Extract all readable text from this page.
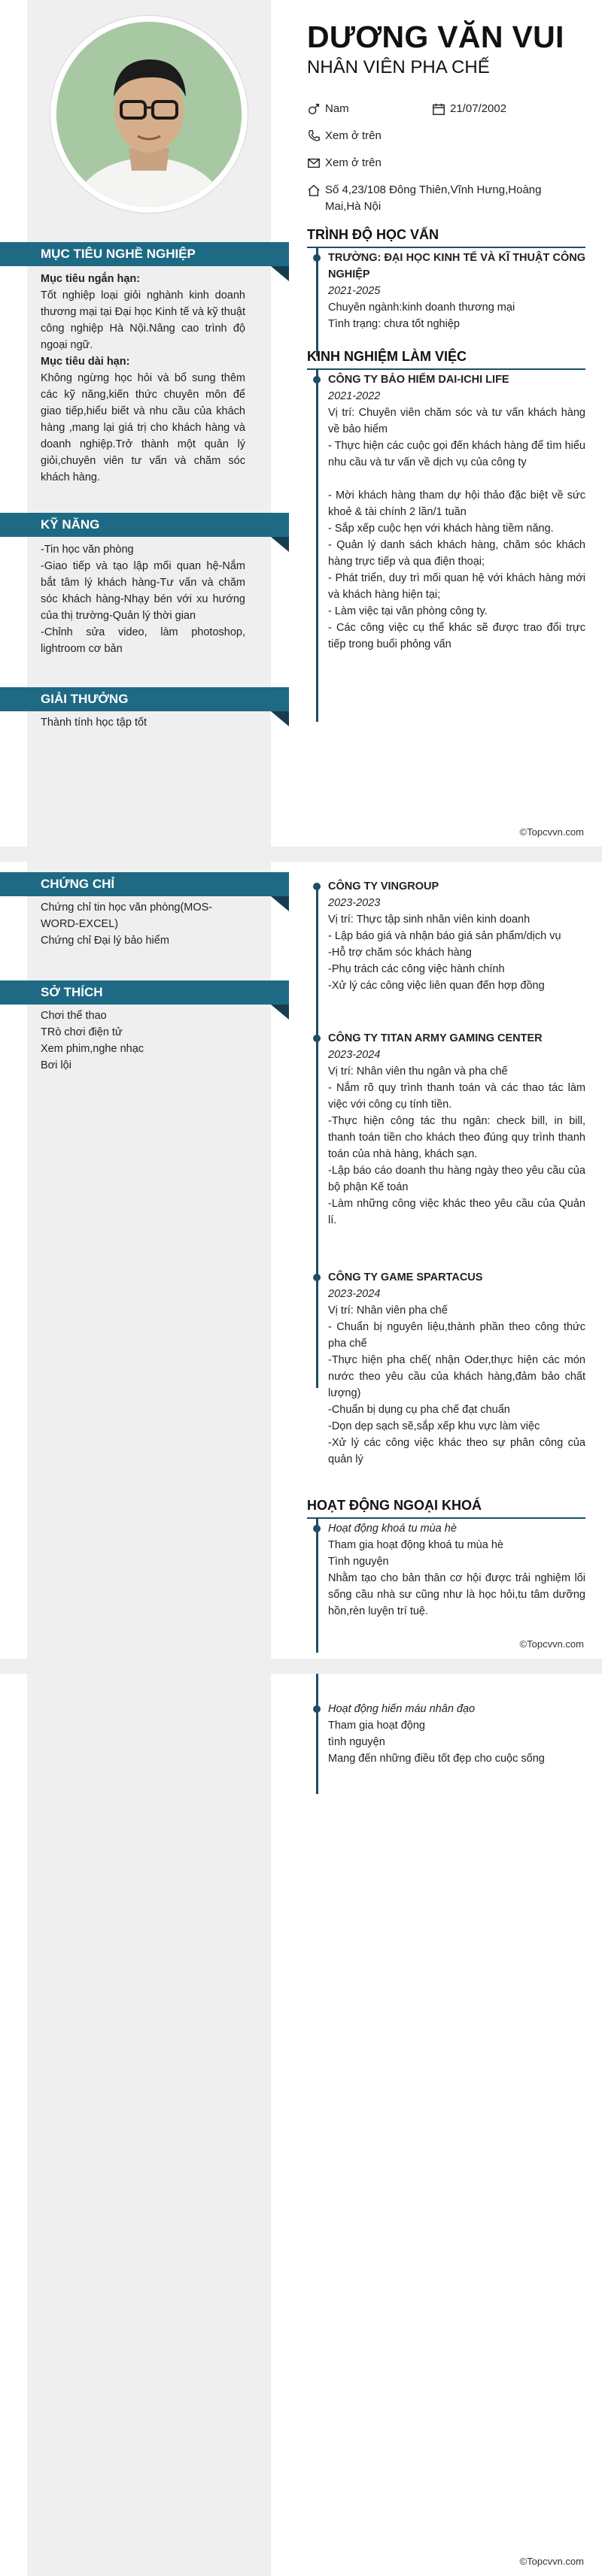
DƯƠNG VĂN VUI
NHÂN VIÊN PHA CHẾ
Nam	21/07/2002
Xem ở trên
Xem ở trên
Số 4,23/108 Đông Thiên,Vĩnh Hưng,Hoàng Mai,Hà Nội
MỤC TIÊU NGHỀ NGHIỆP

Mục tiêu ngắn hạn:

Tốt nghiệp loại giỏi nghành kinh doanh thương mại tại Đại học Kinh tế và kỹ thuật công nghiệp Hà Nội.Nâng cao trình độ ngoại ngữ.

Mục tiêu dài hạn:

Không ngừng học hỏi và bổ sung thêm các kỹ năng,kiến thức chuyên môn để giao tiếp,hiểu biết và nhu cầu của khách hàng ,mang lại giá trị cho khách hàng và doanh nghiệp.Trở thành một quản lý giỏi,chuyên viên tư vấn và chăm sóc khách hàng.

KỸ NĂNG

-Tin học văn phòng

-Giao tiếp và tạo lập mối quan hệ-Nắm bắt tâm lý khách hàng-Tư vấn và chăm sóc khách hàng-Nhạy bén với xu hướng của thị trường-Quản lý thời gian

-Chỉnh sửa video, làm photoshop, lightroom cơ bản

GIẢI THƯỞNG

Thành tính học tập tốt

TRÌNH ĐỘ HỌC VẤN

TRƯỜNG: ĐẠI HỌC KINH TẾ VÀ KĨ THUẬT CÔNG NGHIỆP

2021-2025

Chuyên ngành:kinh doanh thương mại

Tình trạng: chưa tốt nghiệp

KINH NGHIỆM LÀM VIỆC

CÔNG TY BẢO HIỂM DAI-ICHI LIFE

2021-2022

Vị trí: Chuyên viên chăm sóc và tư vấn khách hàng về bảo hiểm

- Thực hiện các cuộc gọi đến khách hàng để tìm hiểu nhu cầu và tư vấn về dịch vụ của công ty

- Mời khách hàng tham dự hội thảo đặc biệt về sức khoẻ & tài chính 2 lần/1 tuần

- Sắp xếp cuộc hẹn với khách hàng tiềm năng.

- Quản lý danh sách khách hàng, chăm sóc khách hàng trực tiếp và qua điện thoại;

- Phát triển, duy trì mối quan hệ với khách hàng mới và khách hàng hiện tại;

- Làm việc tại văn phòng công ty.

- Các công việc cụ thể khác sẽ được trao đổi trực tiếp trong buổi phỏng vấn

©Topcvvn.com
CHỨNG CHỈ

Chứng chỉ tin học văn phòng(MOS-WORD-EXCEL)

Chứng chỉ Đại lý bảo hiểm

SỞ THÍCH

Chơi thể thao

TRò chơi điện tử

Xem phim,nghe nhạc

Bơi lội

CÔNG TY VINGROUP

2023-2023

Vị trí: Thực tập sinh nhân viên kinh doanh

- Lập báo giá và nhận báo giá sản phẩm/dịch vụ

-Hỗ trợ chăm sóc khách hàng

-Phụ trách các công việc hành chính

-Xử lý các công việc liên quan đến hợp đồng

CÔNG TY TITAN ARMY GAMING CENTER

2023-2024

Vị trí: Nhân viên thu ngân và pha chế

- Nắm rõ quy trình thanh toán và các thao tác làm việc với công cụ tính tiền.

-Thực hiện công tác thu ngân: check bill, in bill, thanh toán tiền cho khách theo đúng quy trình thanh toán của nhà hàng, khách sạn.

-Lập báo cáo doanh thu hàng ngày theo yêu cầu của bộ phận Kế toán

-Làm những công việc khác theo yêu cầu của Quản lí.

CÔNG TY GAME SPARTACUS

2023-2024

Vị trí: Nhân viên pha chế

- Chuẩn bị nguyên liệu,thành phần theo công thức pha chế

-Thực hiện pha chế( nhận Oder,thực hiện các món nước theo yêu cầu của khách hàng,đảm bảo chất lượng)

-Chuẩn bị dụng cụ pha chế đạt chuẩn

-Dọn dẹp sạch sẽ,sắp xếp khu vực làm việc

-Xử lý các công việc khác theo sự phân công của quản lý

HOẠT ĐỘNG NGOẠI KHOÁ

Hoạt động khoá tu mùa hè

Tham gia hoạt động khoá tu mùa hè

Tình nguyện

Nhằm tạo cho bản thân cơ hội được trải nghiệm lối sống cầu nhà sư cũng như là học hỏi,tu tâm dưỡng hồn,rèn luyện trí tuệ.

©Topcvvn.com

Hoạt động hiến máu nhân đạo

Tham gia hoạt động

tình nguyện

Mang đến những điều tốt đẹp cho cuộc sống

©Topcvvn.com
